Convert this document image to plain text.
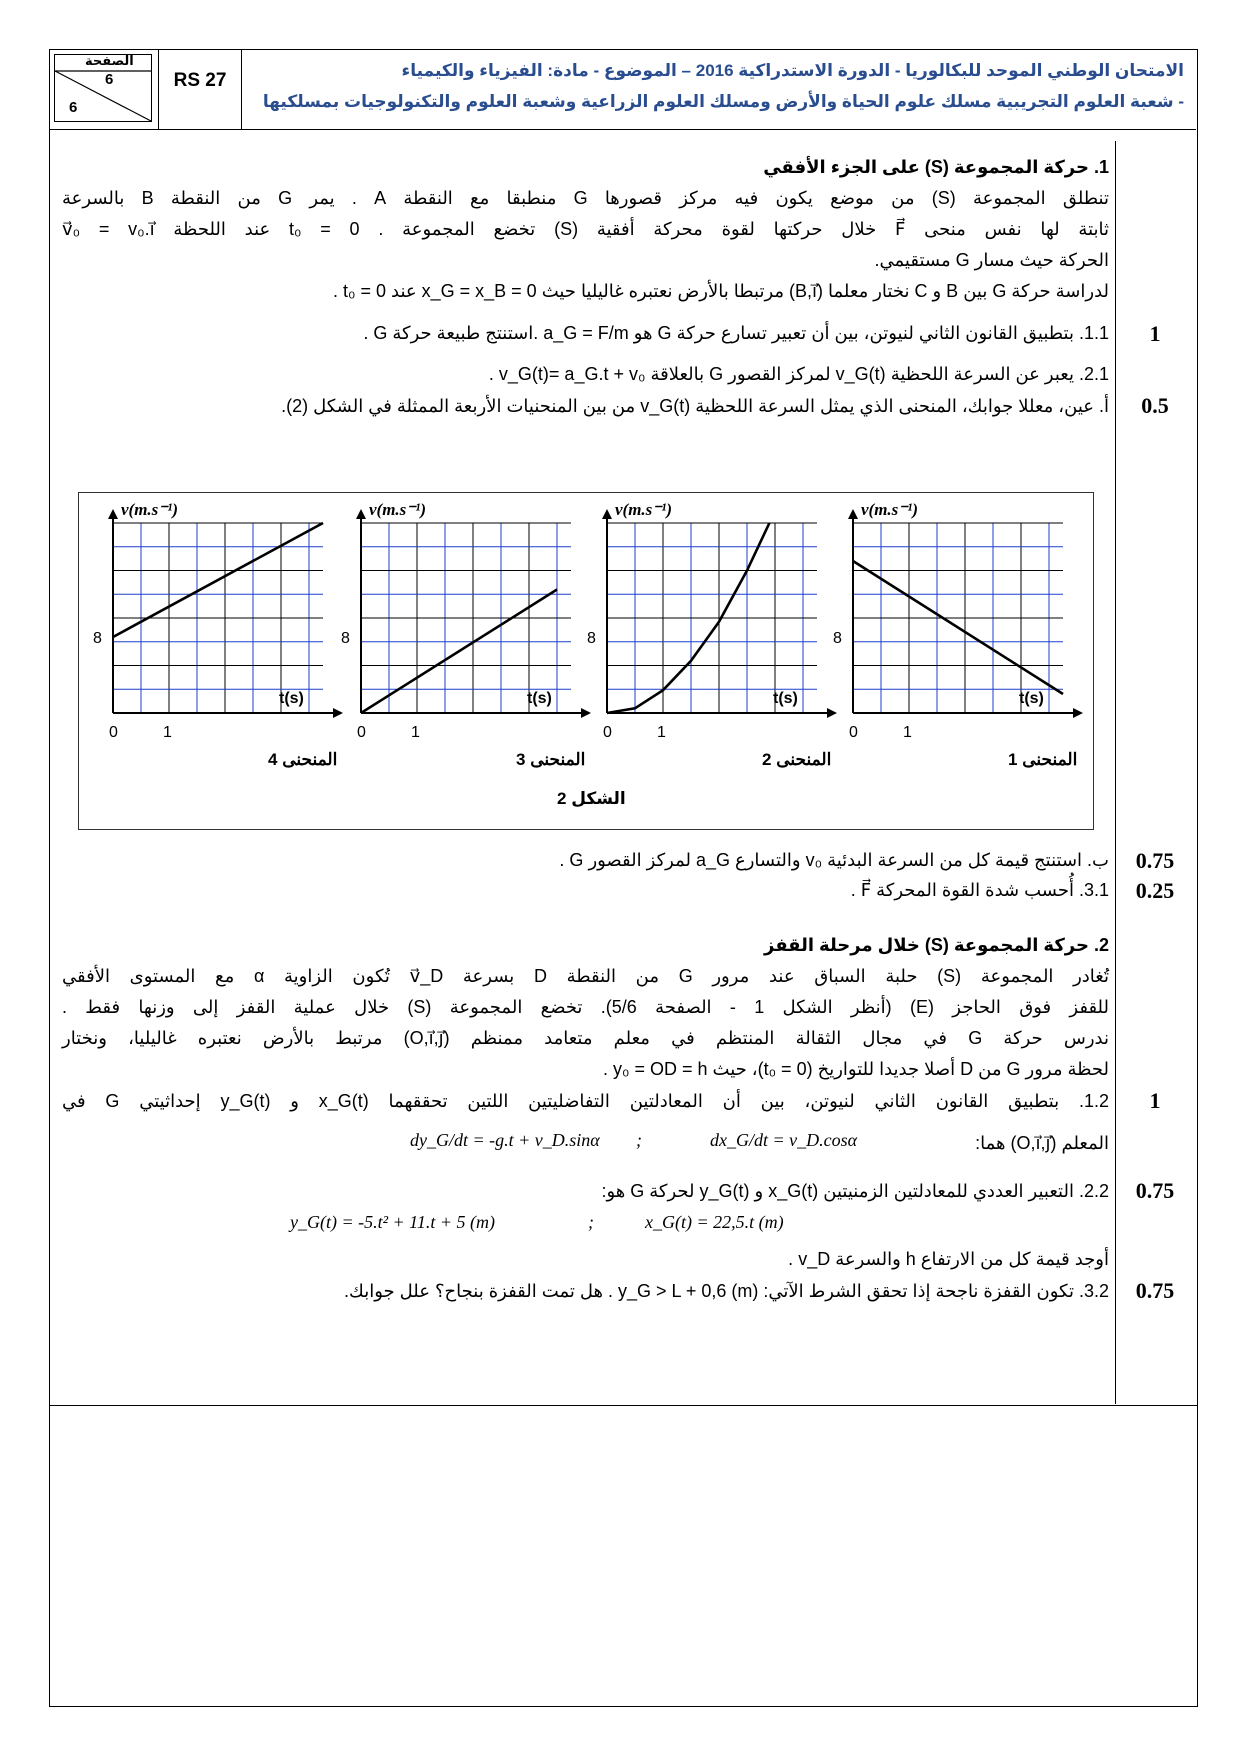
الصفحة
6
6
RS 27	الامتحان الوطني الموحد للبكالوريا - الدورة الاستدراكية 2016 – الموضوع - مادة: الفيزياء والكيمياء
- شعبة العلوم التجريبية مسلك علوم الحياة والأرض ومسلك العلوم الزراعية وشعبة العلوم والتكنولوجيات بمسلكيها
1. حركة المجموعة (S) على الجزء الأفقي
تنطلق المجموعة (S) من موضع يكون فيه مركز قصورها G منطبقا مع النقطة A . يمر G من النقطة B بالسرعة
v⃗₀ = v₀.i⃗ عند اللحظة t₀ = 0 . تخضع المجموعة (S) خلال حركتها لقوة محركة أفقية F⃗ ثابتة لها نفس منحى
الحركة حيث مسار G مستقيمي.
لدراسة حركة G بين B و C نختار معلما (B,i⃗) مرتبطا بالأرض نعتبره غاليليا حيث x_G = x_B = 0 عند t₀ = 0 .
1
1.1. بتطبيق القانون الثاني لنيوتن، بين أن تعبير تسارع حركة G هو a_G = F/m .استنتج طبيعة حركة G .
2.1. يعبر عن السرعة اللحظية v_G(t) لمركز القصور G بالعلاقة v_G(t)= a_G.t + v₀ .
0.5
أ. عين، معللا جوابك، المنحنى الذي يمثل السرعة اللحظية v_G(t) من بين المنحنيات الأربعة الممثلة في الشكل (2).
v(m.s⁻¹)
t(s)
8
0	1
المنحنى 4
v(m.s⁻¹)
t(s)
8
0	1
المنحنى 3
v(m.s⁻¹)
t(s)
8
0	1
المنحنى 2
v(m.s⁻¹)
t(s)
8
0	1
المنحنى 1
الشكل 2
0.75
ب. استنتج قيمة كل من السرعة البدئية v₀ والتسارع a_G لمركز القصور G .
0.25
3.1. أُحسب شدة القوة المحركة F⃗ .
2. حركة المجموعة (S) خلال مرحلة القفز
تُغادر المجموعة (S) حلبة السباق عند مرور G من النقطة D بسرعة v⃗_D تُكون الزاوية α مع المستوى الأفقي
للقفز فوق الحاجز (E) (أنظر الشكل 1 - الصفحة 5/6). تخضع المجموعة (S) خلال عملية القفز إلى وزنها فقط .
ندرس حركة G في مجال الثقالة المنتظم في معلم متعامد ممنظم (O,i⃗,j⃗) مرتبط بالأرض نعتبره غاليليا، ونختار
لحظة مرور G من D أصلا جديدا للتواريخ (t₀ = 0)، حيث y₀ = OD = h .
1
1.2. بتطبيق القانون الثاني لنيوتن، بين أن المعادلتين التفاضليتين اللتين تحققهما x_G(t) و y_G(t) إحداثيتي G في
المعلم (O,i⃗,j⃗) هما:
dx_G/dt = v_D.cosα
;
dy_G/dt = -g.t + v_D.sinα
0.75
2.2. التعبير العددي للمعادلتين الزمنيتين x_G(t) و y_G(t) لحركة G هو:
x_G(t) = 22,5.t (m)
;
y_G(t) = -5.t² + 11.t + 5 (m)
أوجد قيمة كل من الارتفاع h والسرعة v_D .
0.75
3.2. تكون القفزة ناجحة إذا تحقق الشرط الآتي: y_G > L + 0,6 (m) . هل تمت القفزة بنجاح؟ علل جوابك.
